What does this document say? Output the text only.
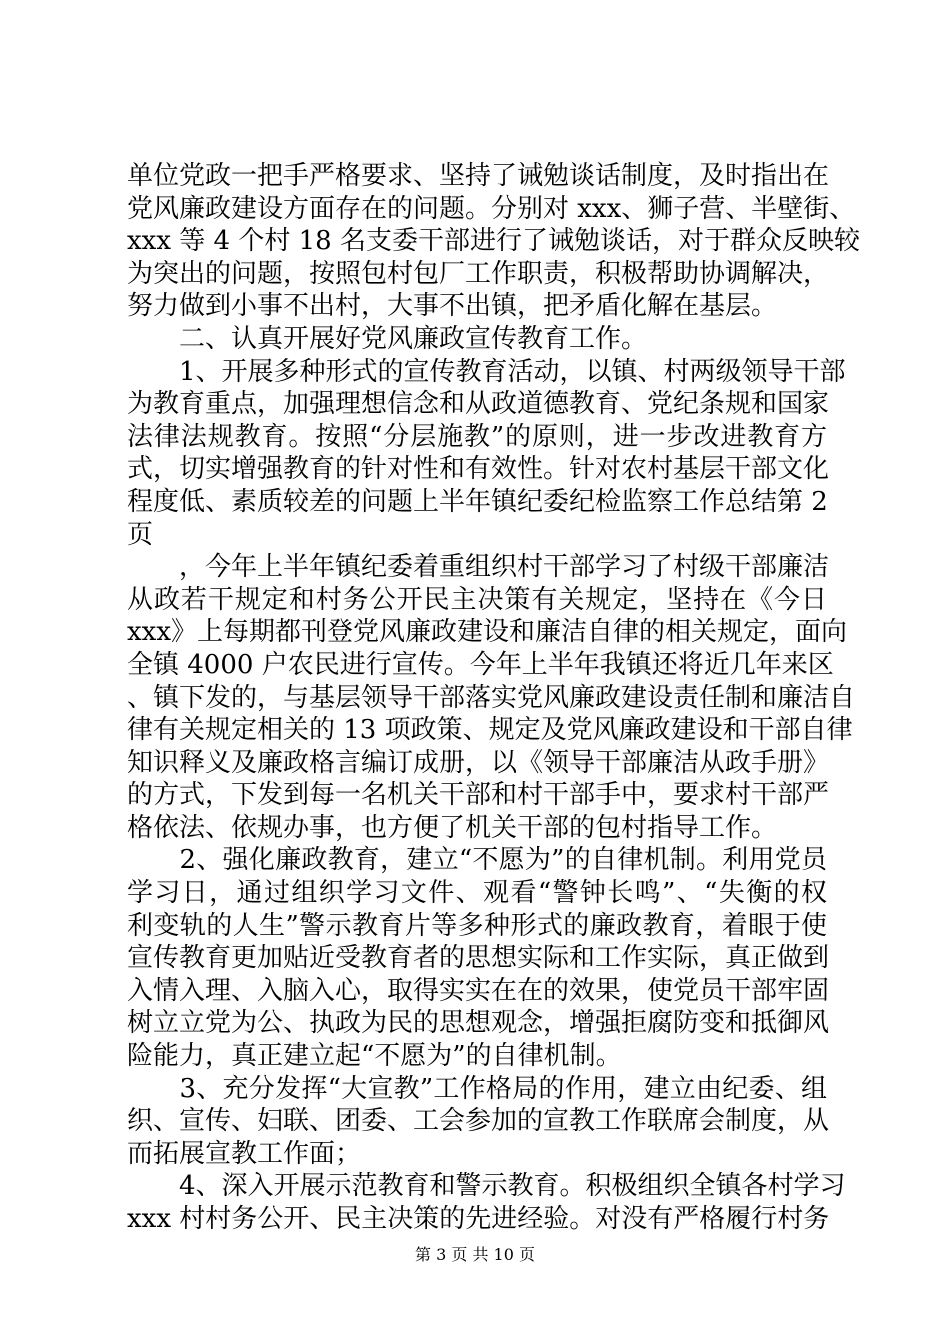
单位党政一把手严格要求、坚持了诫勉谈话制度，及时指出在
党风廉政建设方面存在的问题。分别对 xxx、狮子营、半壁街、
xxx 等 4 个村 18 名支委干部进行了诫勉谈话，对于群众反映较
为突出的问题，按照包村包厂工作职责，积极帮助协调解决，
努力做到小事不出村，大事不出镇，把矛盾化解在基层。
　　二、认真开展好党风廉政宣传教育工作。
　　1、开展多种形式的宣传教育活动，以镇、村两级领导干部
为教育重点，加强理想信念和从政道德教育、党纪条规和国家
法律法规教育。按照“分层施教”的原则，进一步改进教育方
式，切实增强教育的针对性和有效性。针对农村基层干部文化
程度低、素质较差的问题上半年镇纪委纪检监察工作总结第 2
页
　　，今年上半年镇纪委着重组织村干部学习了村级干部廉洁
从政若干规定和村务公开民主决策有关规定，坚持在《今日
xxx》上每期都刊登党风廉政建设和廉洁自律的相关规定，面向
全镇 4000 户农民进行宣传。今年上半年我镇还将近几年来区
、镇下发的，与基层领导干部落实党风廉政建设责任制和廉洁自
律有关规定相关的 13 项政策、规定及党风廉政建设和干部自律
知识释义及廉政格言编订成册，以《领导干部廉洁从政手册》
的方式，下发到每一名机关干部和村干部手中，要求村干部严
格依法、依规办事，也方便了机关干部的包村指导工作。
　　2、强化廉政教育，建立“不愿为”的自律机制。利用党员
学习日，通过组织学习文件、观看“警钟长鸣”、“失衡的权
利变轨的人生”警示教育片等多种形式的廉政教育，着眼于使
宣传教育更加贴近受教育者的思想实际和工作实际，真正做到
入情入理、入脑入心，取得实实在在的效果，使党员干部牢固
树立立党为公、执政为民的思想观念，增强拒腐防变和抵御风
险能力，真正建立起“不愿为”的自律机制。
　　3、充分发挥“大宣教”工作格局的作用，建立由纪委、组
织、宣传、妇联、团委、工会参加的宣教工作联席会制度，从
而拓展宣教工作面；
　　4、深入开展示范教育和警示教育。积极组织全镇各村学习
xxx 村村务公开、民主决策的先进经验。对没有严格履行村务
第 3 页 共 10 页
